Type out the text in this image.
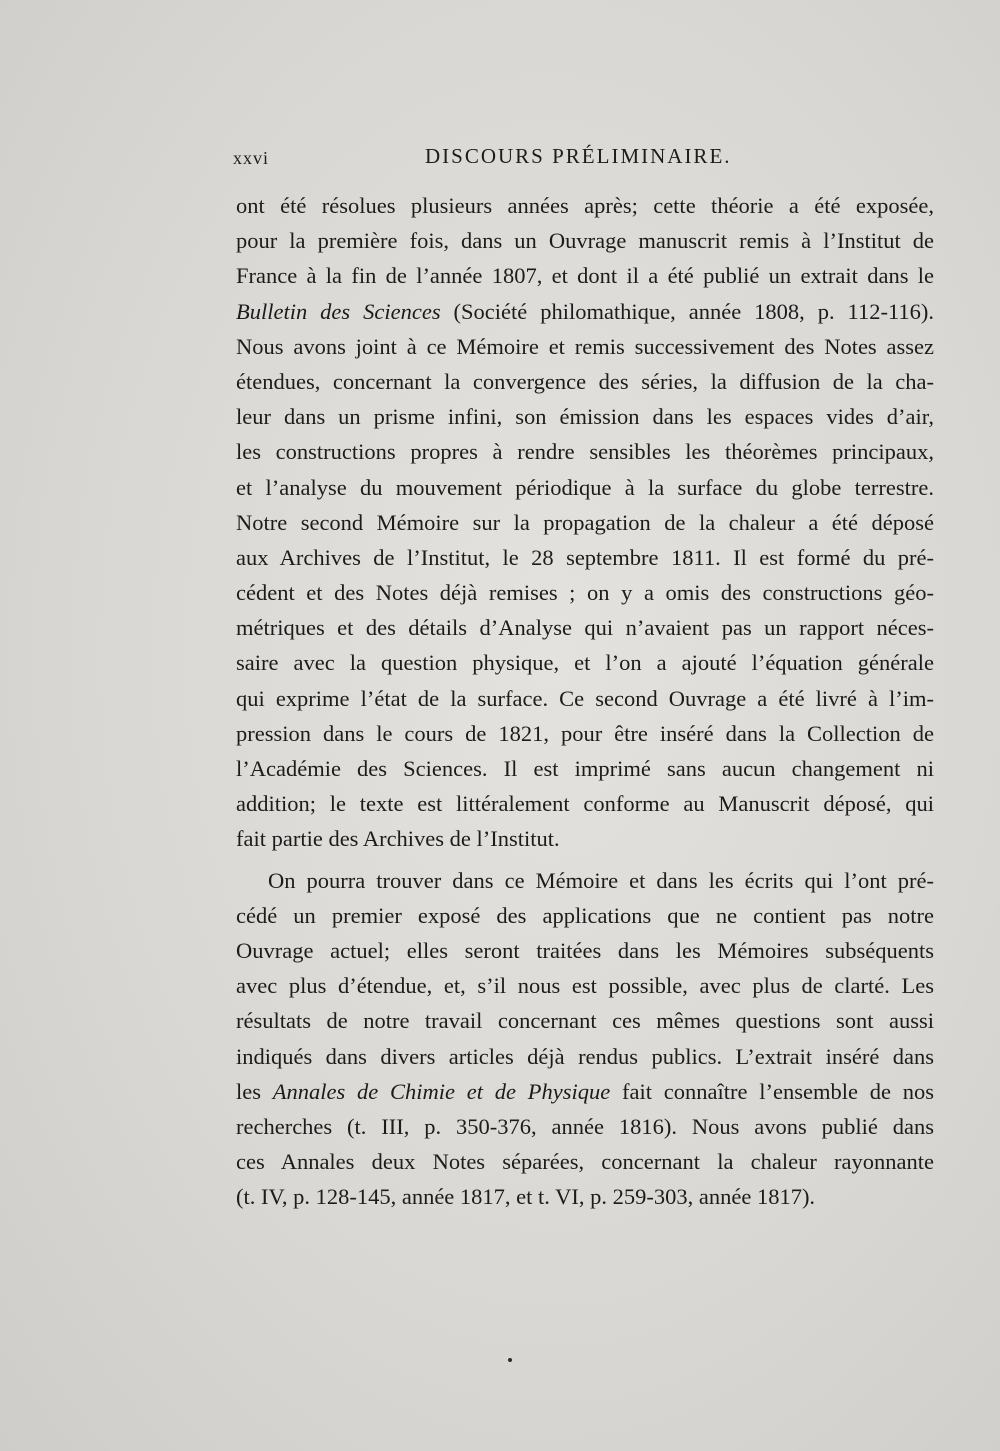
xxvi	DISCOURS PRÉLIMINAIRE.
ont été résolues plusieurs années après; cette théorie a été exposée,
pour la première fois, dans un Ouvrage manuscrit remis à l’Institut de
France à la fin de l’année 1807, et dont il a été publié un extrait dans le
Bulletin des Sciences (Société philomathique, année 1808, p. 112-116).
Nous avons joint à ce Mémoire et remis successivement des Notes assez
étendues, concernant la convergence des séries, la diffusion de la cha-
leur dans un prisme infini, son émission dans les espaces vides d’air,
les constructions propres à rendre sensibles les théorèmes principaux,
et l’analyse du mouvement périodique à la surface du globe terrestre.
Notre second Mémoire sur la propagation de la chaleur a été déposé
aux Archives de l’Institut, le 28 septembre 1811. Il est formé du pré-
cédent et des Notes déjà remises ; on y a omis des constructions géo-
métriques et des détails d’Analyse qui n’avaient pas un rapport néces-
saire avec la question physique, et l’on a ajouté l’équation générale
qui exprime l’état de la surface. Ce second Ouvrage a été livré à l’im-
pression dans le cours de 1821, pour être inséré dans la Collection de
l’Académie des Sciences. Il est imprimé sans aucun changement ni
addition; le texte est littéralement conforme au Manuscrit déposé, qui
fait partie des Archives de l’Institut.
On pourra trouver dans ce Mémoire et dans les écrits qui l’ont pré-
cédé un premier exposé des applications que ne contient pas notre
Ouvrage actuel; elles seront traitées dans les Mémoires subséquents
avec plus d’étendue, et, s’il nous est possible, avec plus de clarté. Les
résultats de notre travail concernant ces mêmes questions sont aussi
indiqués dans divers articles déjà rendus publics. L’extrait inséré dans
les Annales de Chimie et de Physique fait connaître l’ensemble de nos
recherches (t. III, p. 350-376, année 1816). Nous avons publié dans
ces Annales deux Notes séparées, concernant la chaleur rayonnante
(t. IV, p. 128-145, année 1817, et t. VI, p. 259-303, année 1817).
